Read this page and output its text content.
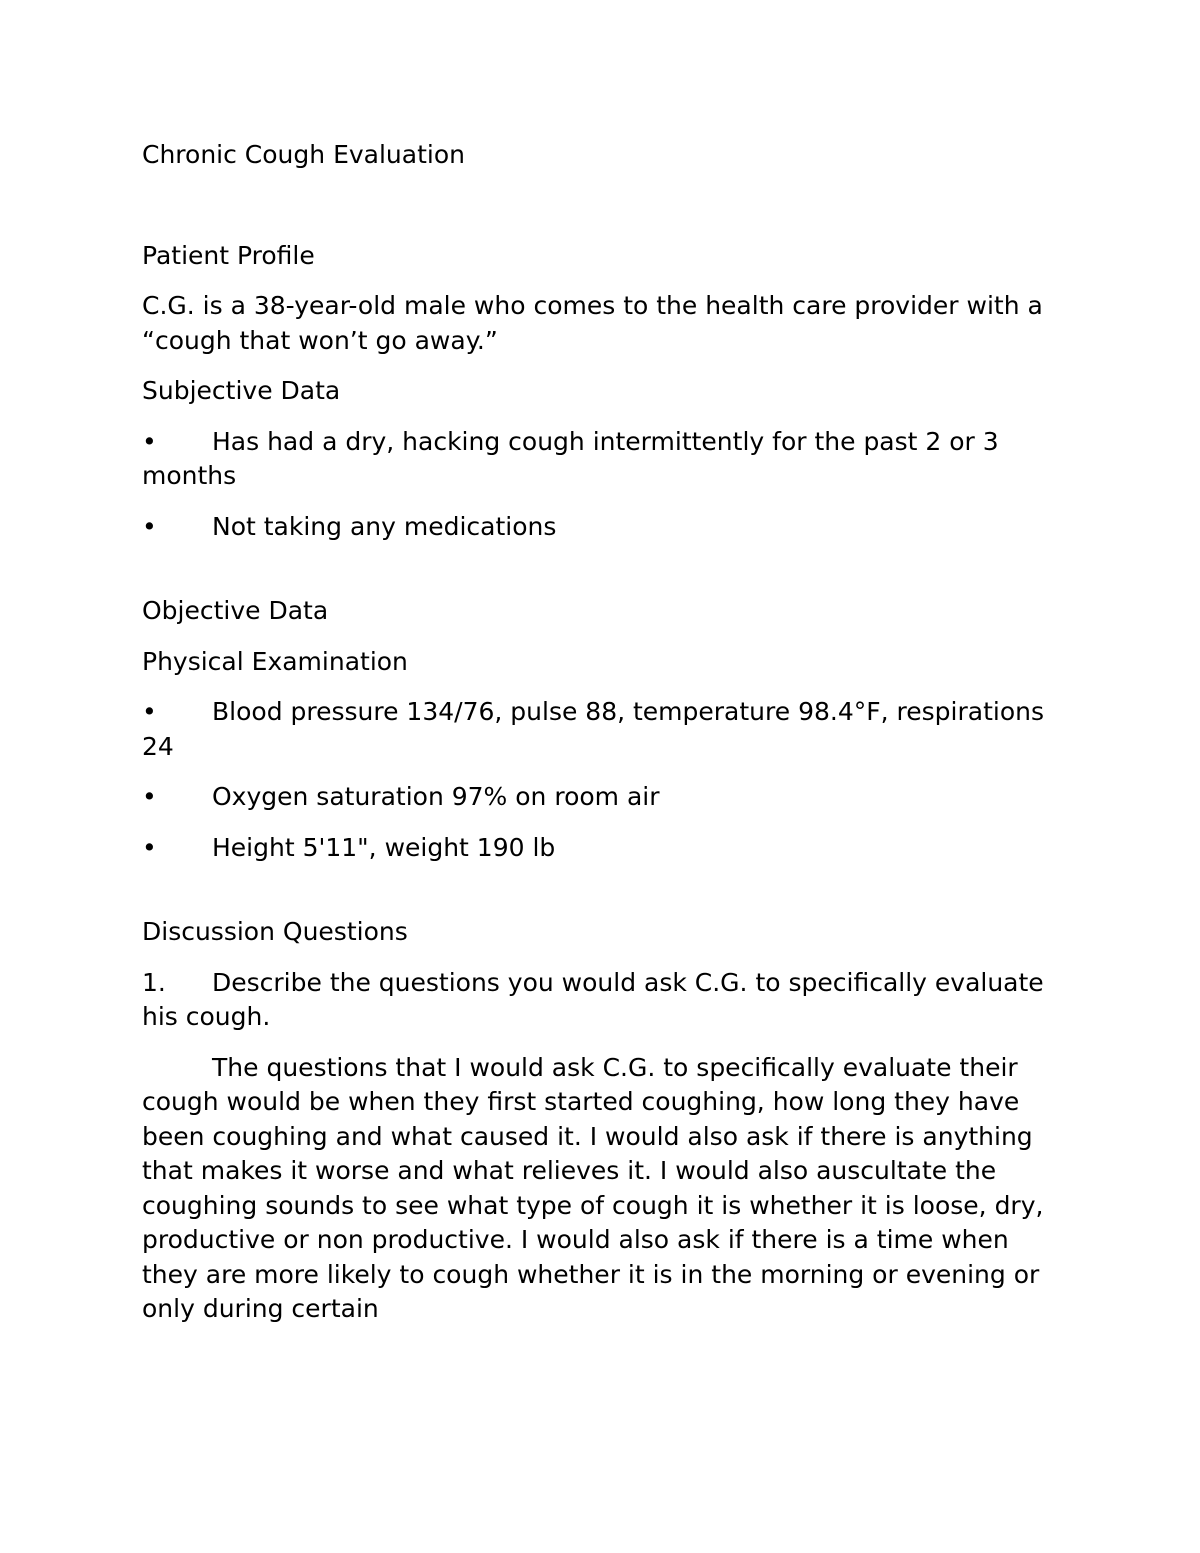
Chronic Cough Evaluation
Patient Profile
C.G. is a 38-year-old male who comes to the health care provider with a “cough that won’t go away.”
Subjective Data
• Has had a dry, hacking cough intermittently for the past 2 or 3 months
• Not taking any medications
Objective Data
Physical Examination
• Blood pressure 134/76, pulse 88, temperature 98.4°F, respirations 24
• Oxygen saturation 97% on room air
• Height 5'11", weight 190 lb
Discussion Questions
1. Describe the questions you would ask C.G. to specifically evaluate his cough.
The questions that I would ask C.G. to specifically evaluate their cough would be when they first started coughing, how long they have been coughing and what caused it. I would also ask if there is anything that makes it worse and what relieves it. I would also auscultate the coughing sounds to see what type of cough it is whether it is loose, dry, productive or non productive. I would also ask if there is a time when they are more likely to cough whether it is in the morning or evening or only during certain
